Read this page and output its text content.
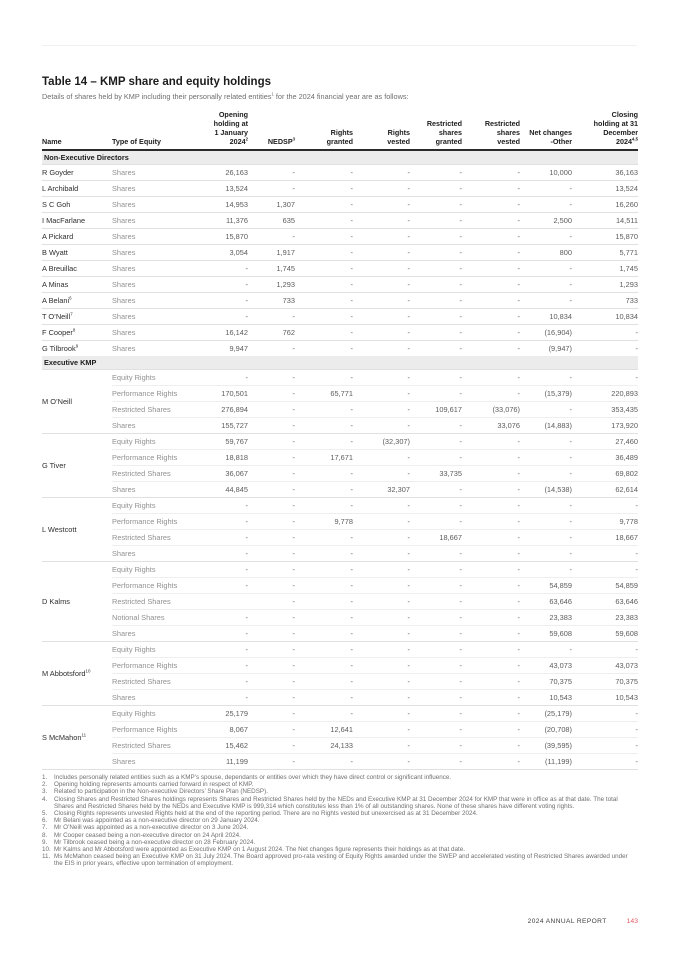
Table 14 – KMP share and equity holdings

Details of shares held by KMP including their personally related entities$^1$ for the 2024 financial year are as follows:

Name	Type of Equity	Opening
holding at
1 January
2024$^2$	NEDSP$^3$	Rights
granted	Rights
vested	Restricted
shares
granted	Restricted
shares
vested	Net changes
-Other	Closing
holding at 31
December
2024$^{4,5}$
Non-Executive Directors									
R Goyder	Shares	26,163	-	-	-	-	-	10,000	36,163
L Archibald	Shares	13,524	-	-	-	-	-	-	13,524
S C Goh	Shares	14,953	1,307	-	-	-	-	-	16,260
I MacFarlane	Shares	11,376	635	-	-	-	-	2,500	14,511
A Pickard	Shares	15,870	-	-	-	-	-	-	15,870
B Wyatt	Shares	3,054	1,917	-	-	-	-	800	5,771
A Breuillac	Shares	-	1,745	-	-	-	-	-	1,745
A Minas	Shares	-	1,293	-	-	-	-	-	1,293
A Belani$^6$	Shares	-	733	-	-	-	-	-	733
T O’Neill$^7$	Shares	-	-	-	-	-	-	10,834	10,834
F Cooper$^8$	Shares	16,142	762	-	-	-	-	(16,904)	-
G Tilbrook$^9$	Shares	9,947	-	-	-	-	-	(9,947)	-
Executive KMP									
M O’Neill	Equity Rights	-	-	-	-	-	-	-	-
	Performance Rights	170,501	-	65,771	-	-	-	(15,379)	220,893
	Restricted Shares	276,894	-	-	-	109,617	(33,076)	-	353,435
	Shares	155,727	-	-	-	-	33,076	(14,883)	173,920
G Tiver	Equity Rights	59,767	-	-	(32,307)	-	-	-	27,460
	Performance Rights	18,818	-	17,671	-	-	-	-	36,489
	Restricted Shares	36,067	-	-	-	33,735	-	-	69,802
	Shares	44,845	-	-	32,307	-	-	(14,538)	62,614
L Westcott	Equity Rights	-	-	-	-	-	-	-	-
	Performance Rights	-	-	9,778	-	-	-	-	9,778
	Restricted Shares	-	-	-	-	18,667	-	-	18,667
	Shares	-	-	-	-	-	-	-	-
D Kalms	Equity Rights	-	-	-	-	-	-	-	-
	Performance Rights	-	-	-	-	-	-	54,859	54,859
	Restricted Shares		-	-	-	-	-	63,646	63,646
	Notional Shares	-	-	-	-	-	-	23,383	23,383
	Shares	-	-	-	-	-	-	59,608	59,608
M Abbotsford$^{10}$	Equity Rights	-	-	-	-	-	-	-	-
	Performance Rights	-	-	-	-	-	-	43,073	43,073
	Restricted Shares	-	-	-	-	-	-	70,375	70,375
	Shares	-	-	-	-	-	-	10,543	10,543
S McMahon$^{11}$	Equity Rights	25,179	-	-	-	-	-	(25,179)	-
	Performance Rights	8,067	-	12,641	-	-	-	(20,708)	-
	Restricted Shares	15,462	-	24,133	-	-	-	(39,595)	-
	Shares	11,199	-	-	-	-	-	(11,199)	-
1.	Includes personally related entities such as a KMP’s spouse, dependants or entities over which they have direct control or significant influence.
2.	Opening holding represents amounts carried forward in respect of KMP.
3.	Related to participation in the Non-executive Directors’ Share Plan (NEDSP).
4.	Closing Shares and Restricted Shares holdings represents Shares and Restricted Shares held by the NEDs and Executive KMP at 31 December 2024 for KMP that were in office as at that date. The total Shares and Restricted Shares held by the NEDs and Executive KMP is 999,314 which constitutes less than 1% of all outstanding shares. None of these shares have different voting rights.
5.	Closing Rights represents unvested Rights held at the end of the reporting period. There are no Rights vested but unexercised as at 31 December 2024.
6.	Mr Belani was appointed as a non-executive director on 29 January 2024.
7.	Mr O’Neill was appointed as a non-executive director on 3 June 2024.
8.	Mr Cooper ceased being a non-executive director on 24 April 2024.
9.	Mr Tilbrook ceased being a non-executive director on 28 February 2024.
10. Mr Kalms and Mr Abbotsford were appointed as Executive KMP on 1 August 2024. The Net changes figure represents their holdings as at that date.
11. Ms McMahon ceased being an Executive KMP on 31 July 2024. The Board approved pro-rata vesting of Equity Rights awarded under the SWEP and accelerated vesting of Restricted Shares awarded under the EIS in prior years, effective upon termination of employment.
2024 ANNUAL REPORT	143
